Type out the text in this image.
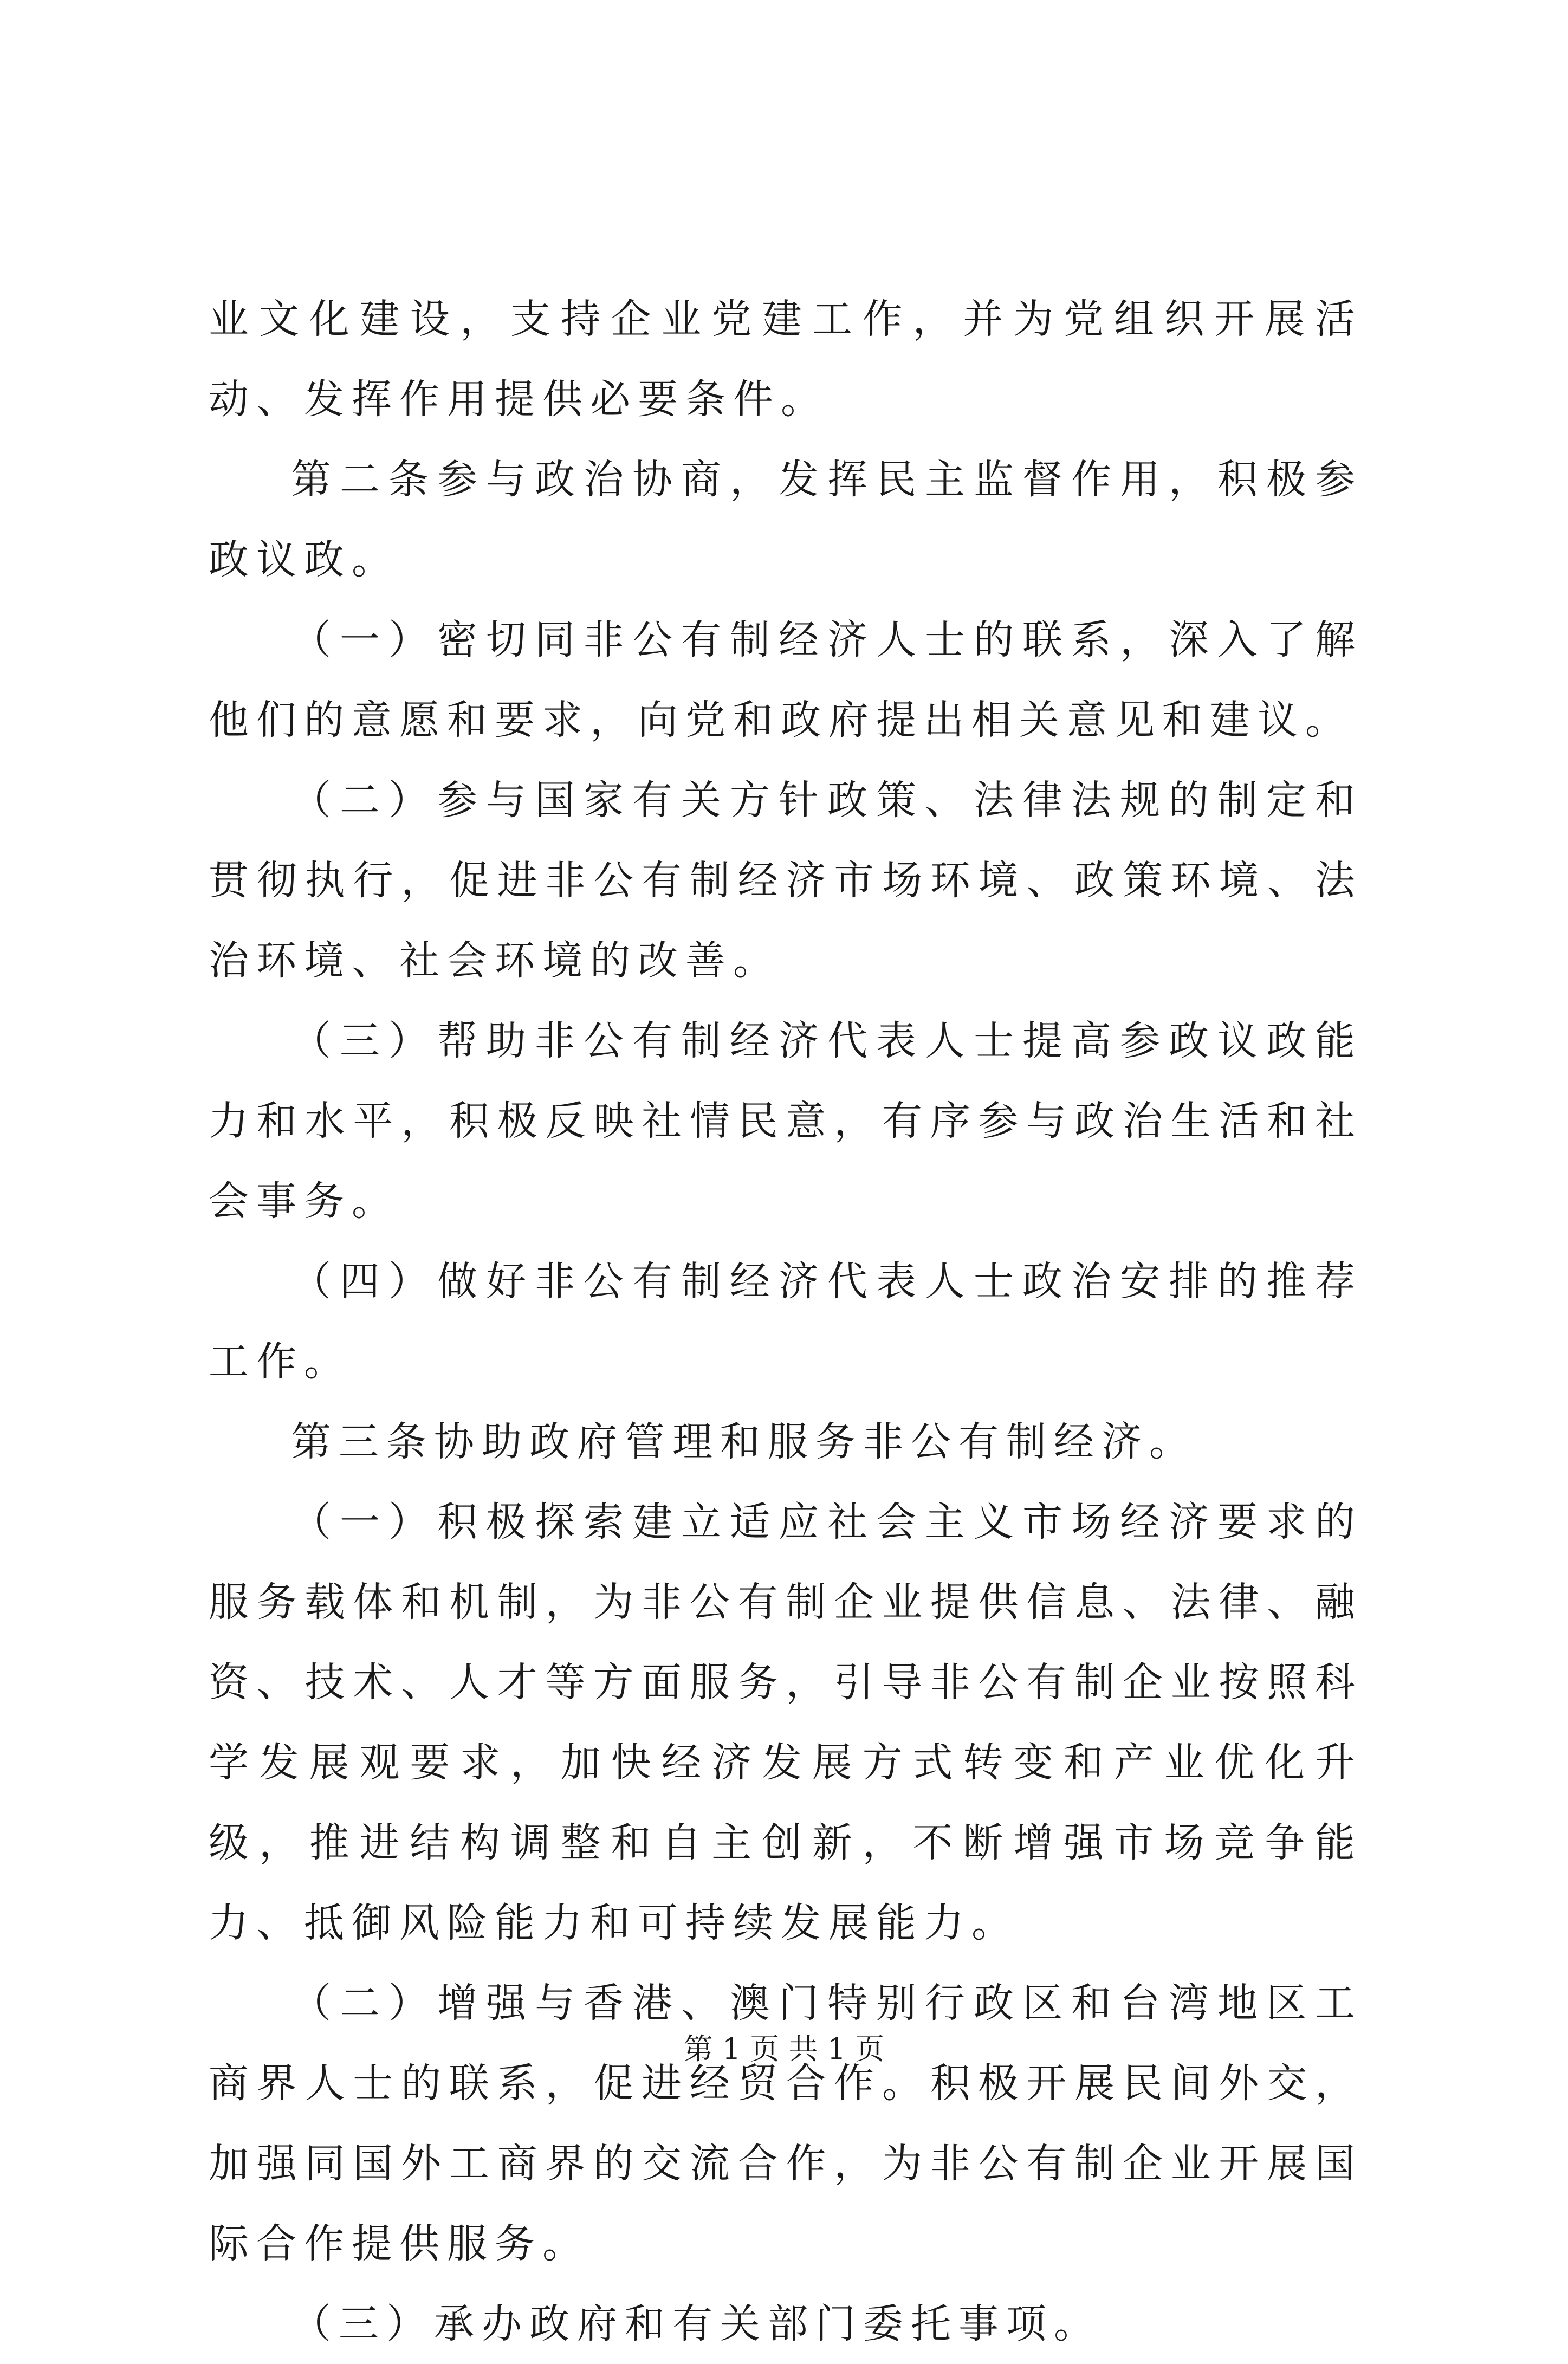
业文化建设，支持企业党建工作，并为党组织开展活动、发挥作用提供必要条件。

第二条参与政治协商，发挥民主监督作用，积极参政议政。

（一）密切同非公有制经济人士的联系，深入了解他们的意愿和要求，向党和政府提出相关意见和建议。

（二）参与国家有关方针政策、法律法规的制定和贯彻执行，促进非公有制经济市场环境、政策环境、法治环境、社会环境的改善。

（三）帮助非公有制经济代表人士提高参政议政能力和水平，积极反映社情民意，有序参与政治生活和社会事务。

（四）做好非公有制经济代表人士政治安排的推荐工作。

第三条协助政府管理和服务非公有制经济。

（一）积极探索建立适应社会主义市场经济要求的服务载体和机制，为非公有制企业提供信息、法律、融资、技术、人才等方面服务，引导非公有制企业按照科学发展观要求，加快经济发展方式转变和产业优化升级，推进结构调整和自主创新，不断增强市场竞争能力、抵御风险能力和可持续发展能力。

（二）增强与香港、澳门特别行政区和台湾地区工商界人士的联系，促进经贸合作。积极开展民间外交，加强同国外工商界的交流合作，为非公有制企业开展国际合作提供服务。

（三）承办政府和有关部门委托事项。

第 1 页 共 1 页
